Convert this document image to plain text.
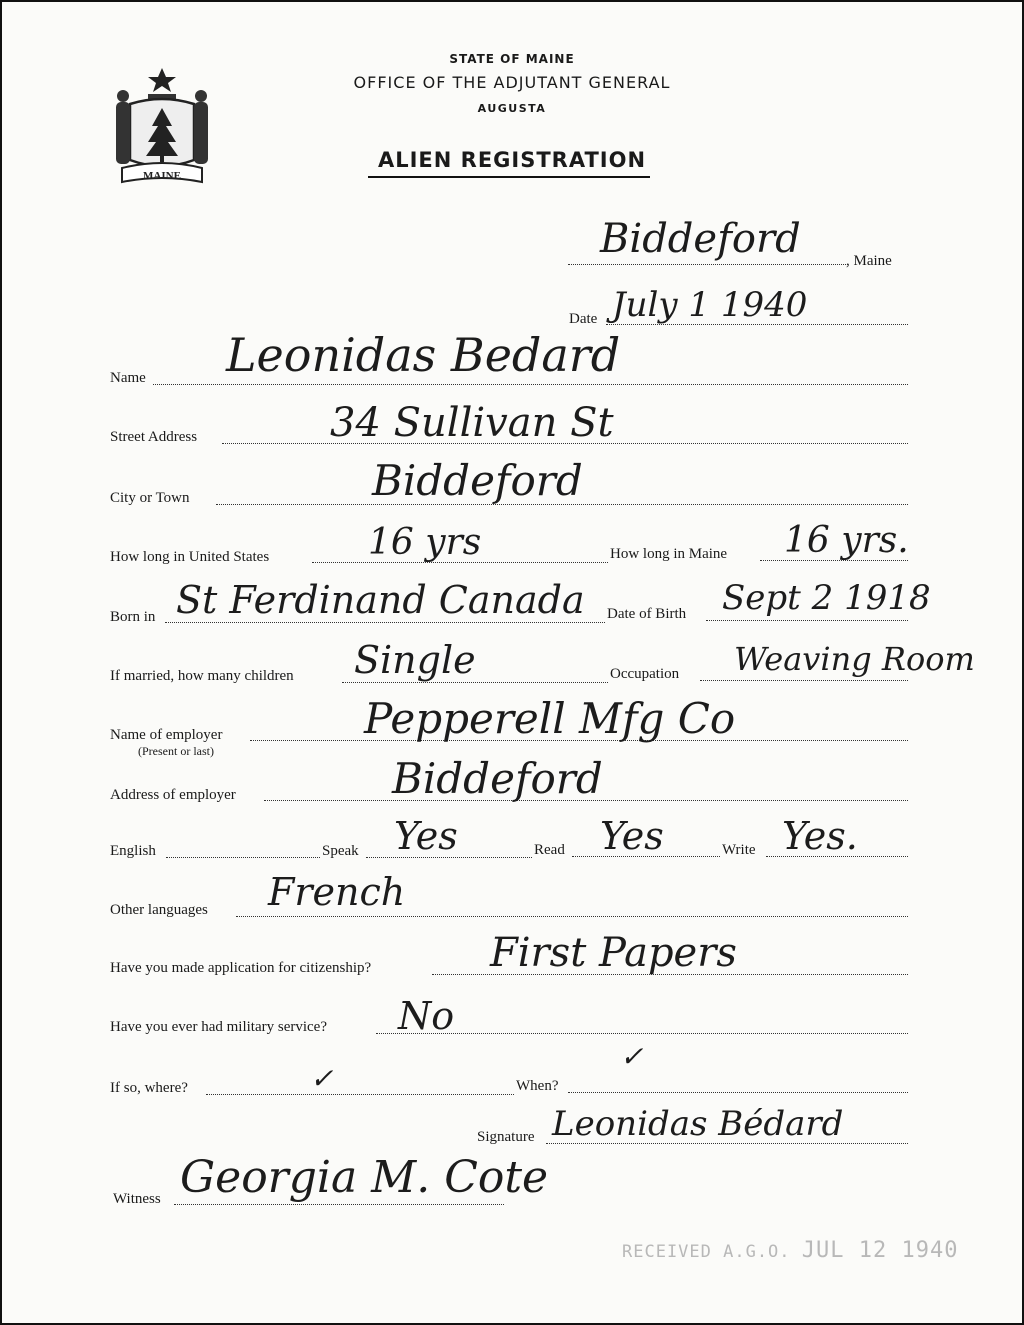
MAINE
STATE OF MAINE
OFFICE OF THE ADJUTANT GENERAL
AUGUSTA
ALIEN REGISTRATION
Biddeford	, Maine
Date July 1 1940
Name Leonidas Bedard
Street Address	34 Sullivan St
City or Town	Biddeford
How long in United States	16 yrs	How long in Maine 16 yrs.
Born in St Ferdinand Canada Date of Birth Sept 2 1918
If married, how many children Single	Occupation Weaving Room
Name of employer
(Present or last)
Pepperell Mfg Co
Address of employer	Biddeford
English	Speak Yes	Read Yes	Write Yes.
Other languages French
Have you made application for citizenship?	First Papers
Have you ever had military service? No
If so, where?	✓	When?
✓
Signature Leonidas Bédard
Witness Georgia M. Cote
RECEIVED A.G.O. JUL 12 1940
